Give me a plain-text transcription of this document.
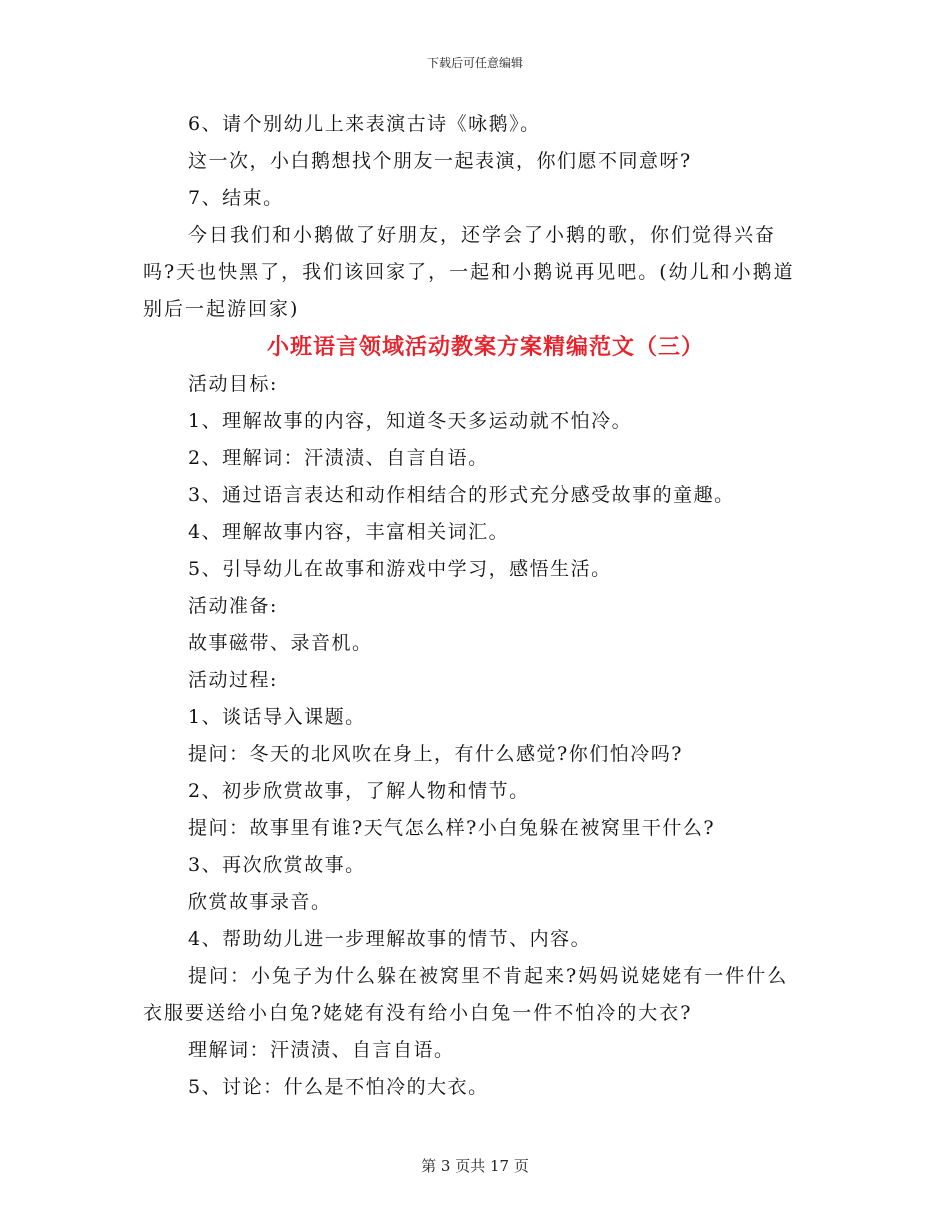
下载后可任意编辑

6、请个别幼儿上来表演古诗《咏鹅》。

这一次，小白鹅想找个朋友一起表演，你们愿不同意呀?

7、结束。

今日我们和小鹅做了好朋友，还学会了小鹅的歌，你们觉得兴奋吗?天也快黑了，我们该回家了，一起和小鹅说再见吧。(幼儿和小鹅道别后一起游回家)

小班语言领域活动教案方案精编范文（三）

活动目标:

1、理解故事的内容，知道冬天多运动就不怕冷。

2、理解词：汗渍渍、自言自语。

3、通过语言表达和动作相结合的形式充分感受故事的童趣。

4、理解故事内容，丰富相关词汇。

5、引导幼儿在故事和游戏中学习，感悟生活。

活动准备:

故事磁带、录音机。

活动过程:

1、谈话导入课题。

提问：冬天的北风吹在身上，有什么感觉?你们怕冷吗?

2、初步欣赏故事，了解人物和情节。

提问：故事里有谁?天气怎么样?小白兔躲在被窝里干什么?

3、再次欣赏故事。

欣赏故事录音。

4、帮助幼儿进一步理解故事的情节、内容。

提问：小兔子为什么躲在被窝里不肯起来?妈妈说姥姥有一件什么衣服要送给小白兔?姥姥有没有给小白兔一件不怕冷的大衣?

理解词：汗渍渍、自言自语。

5、讨论：什么是不怕冷的大衣。

第 3 页共 17 页
